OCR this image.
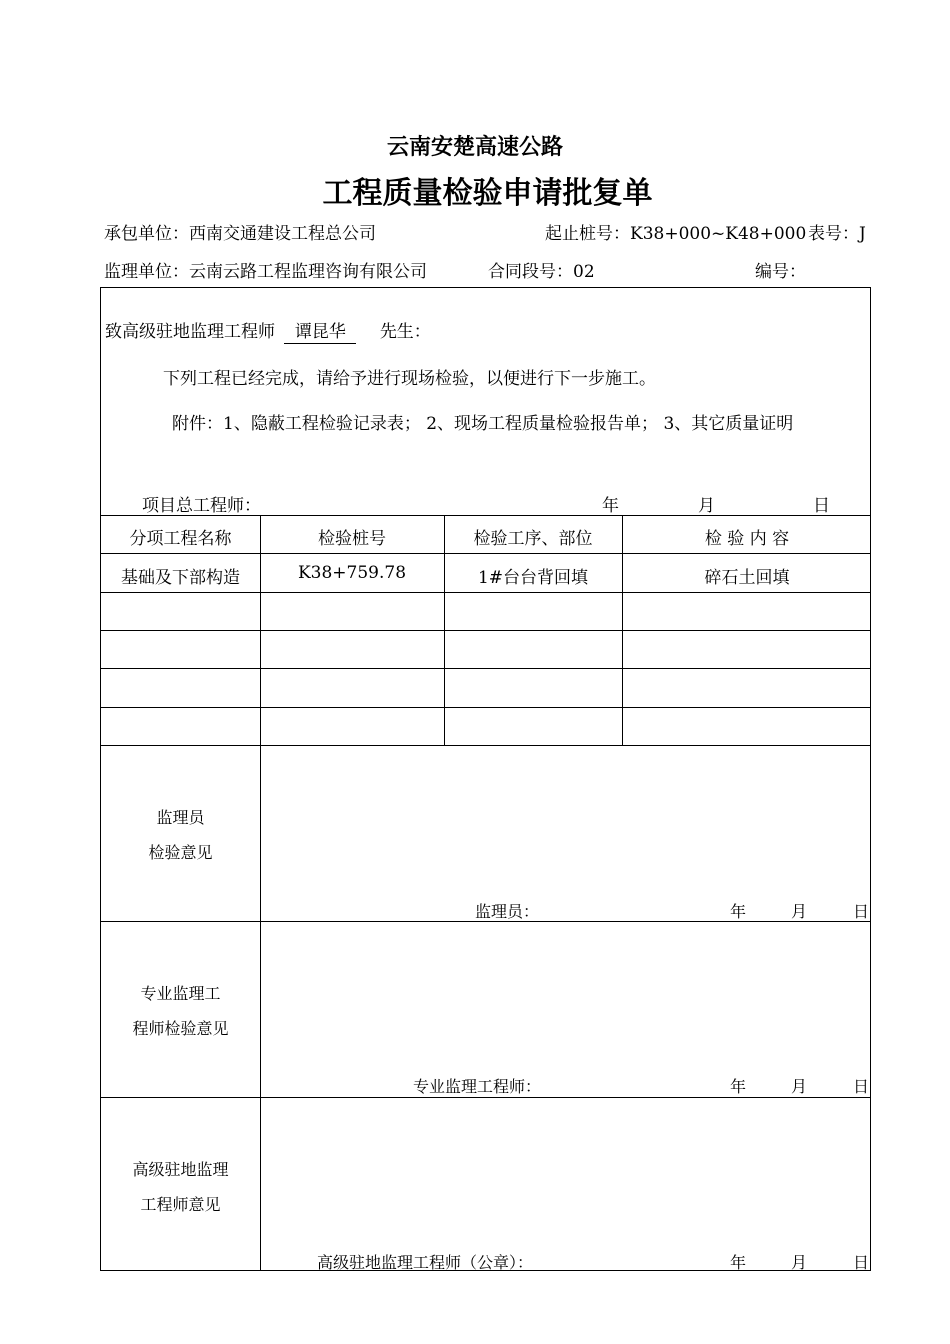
云南安楚高速公路
工程质量检验申请批复单
承包单位：西南交通建设工程总公司	起止桩号：K38+000~K48+000 表号：J
监理单位：云南云路工程监理咨询有限公司	合同段号：02	编号：
致高级驻地监理工程师 谭昆华 先生：
下列工程已经完成，请给予进行现场检验，以便进行下一步施工。
附件：1、隐蔽工程检验记录表； 2、现场工程质量检验报告单； 3、其它质量证明
项目总工程师：	年	月	日
分项工程名称	检验桩号	检验工序、部位	检 验 内 容
基础及下部构造	K38+759.78	1#台台背回填	碎石土回填
监理员
检验意见
监理员：	年	月	日
专业监理工
程师检验意见
专业监理工程师：	年	月	日
高级驻地监理
工程师意见
高级驻地监理工程师（公章）：	年	月	日
